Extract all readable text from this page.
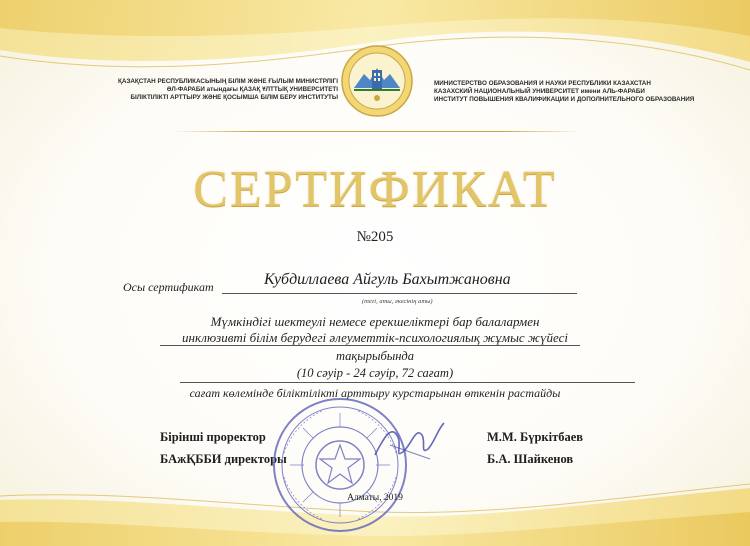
ҚАЗАҚСТАН РЕСПУБЛИКАСЫНЫҢ БІЛІМ ЖӘНЕ ҒЫЛЫМ МИНИСТРЛІГІ
ӘЛ-ФАРАБИ атындағы ҚАЗАҚ ҰЛТТЫҚ УНИВЕРСИТЕТІ
БІЛІКТІЛІКТІ АРТТЫРУ ЖӘНЕ ҚОСЫМША БІЛІМ БЕРУ ИНСТИТУТЫ
МИНИСТЕРСТВО ОБРАЗОВАНИЯ И НАУКИ РЕСПУБЛИКИ КАЗАХСТАН
КАЗАХСКИЙ НАЦИОНАЛЬНЫЙ УНИВЕРСИТЕТ имени АЛЬ-ФАРАБИ
ИНСТИТУТ ПОВЫШЕНИЯ КВАЛИФИКАЦИИ И ДОПОЛНИТЕЛЬНОГО ОБРАЗОВАНИЯ
СЕРТИФИКАТ
№205
Осы сертификат	Кубдиллаева Айгуль Бахытжановна
(тегі, аты, әкесінің аты)
Мүмкіндігі шектеулі немесе ерекшеліктері бар балалармен
инклюзивті білім берудегі әлеуметтік-психологиялық жұмыс жүйесі
тақырыбында
(10 сәуір - 24 сәуір, 72 сағат)
сағат көлемінде біліктілікті арттыру курстарынан өткенін растайды
Бірінші проректор
БАжҚББИ директоры
М.М. Бүркітбаев
Б.А. Шайкенов
Алматы, 2019
